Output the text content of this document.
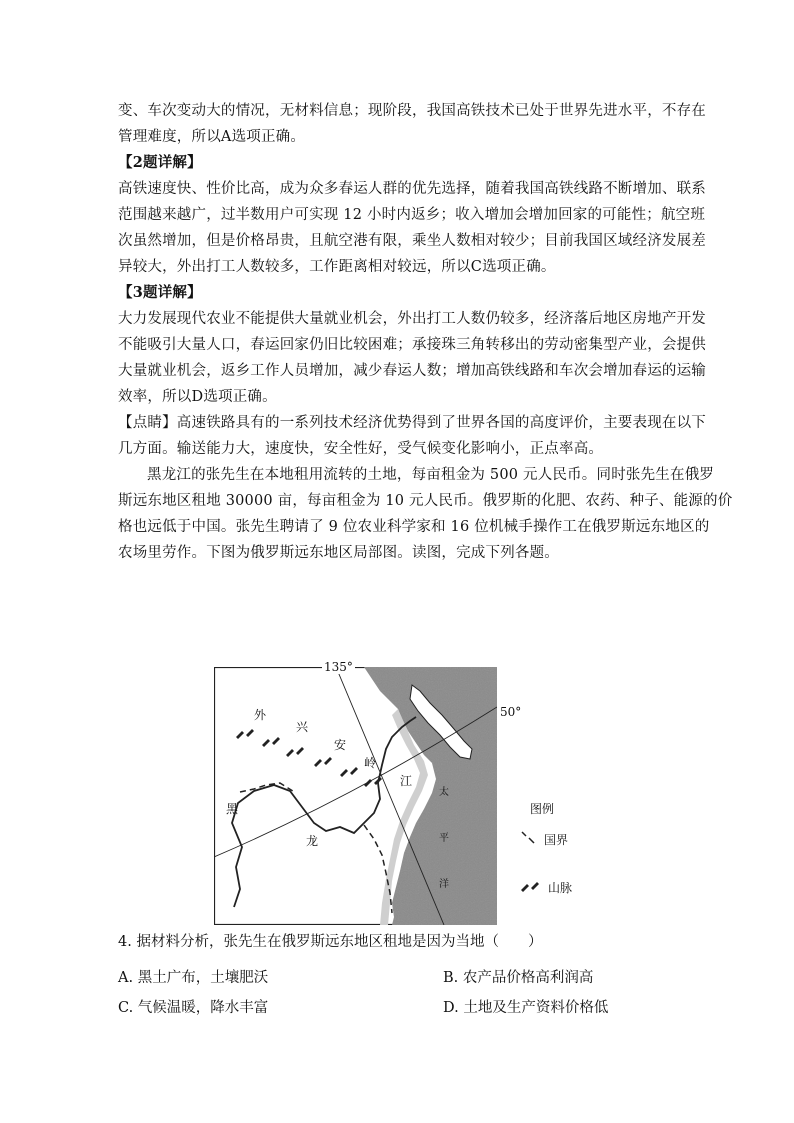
变、车次变动大的情况，无材料信息；现阶段，我国高铁技术已处于世界先进水平，不存在
管理难度，所以A选项正确。
【2题详解】
高铁速度快、性价比高，成为众多春运人群的优先选择，随着我国高铁线路不断增加、联系
范围越来越广，过半数用户可实现 12 小时内返乡；收入增加会增加回家的可能性；航空班
次虽然增加，但是价格昂贵，且航空港有限，乘坐人数相对较少；目前我国区域经济发展差
异较大，外出打工人数较多，工作距离相对较远，所以C选项正确。
【3题详解】
大力发展现代农业不能提供大量就业机会，外出打工人数仍较多，经济落后地区房地产开发
不能吸引大量人口，春运回家仍旧比较困难；承接珠三角转移出的劳动密集型产业，会提供
大量就业机会，返乡工作人员增加，减少春运人数；增加高铁线路和车次会增加春运的运输
效率，所以D选项正确。
【点睛】高速铁路具有的一系列技术经济优势得到了世界各国的高度评价，主要表现在以下
几方面。输送能力大，速度快，安全性好，受气候变化影响小，正点率高。
黑龙江的张先生在本地租用流转的土地，每亩租金为 500 元人民币。同时张先生在俄罗
斯远东地区租地 30000 亩，每亩租金为 10 元人民币。俄罗斯的化肥、农药、种子、能源的价
格也远低于中国。张先生聘请了 9 位农业科学家和 16 位机械手操作工在俄罗斯远东地区的
农场里劳作。下图为俄罗斯远东地区局部图。读图，完成下列各题。
外
兴
安
岭
黑
龙
江
太
平
洋
135°
50°
图例
国界
山脉
4. 据材料分析，张先生在俄罗斯远东地区租地是因为当地（　　）
A. 黑土广布，土壤肥沃	B. 农产品价格高利润高
C. 气候温暖，降水丰富	D. 土地及生产资料价格低
